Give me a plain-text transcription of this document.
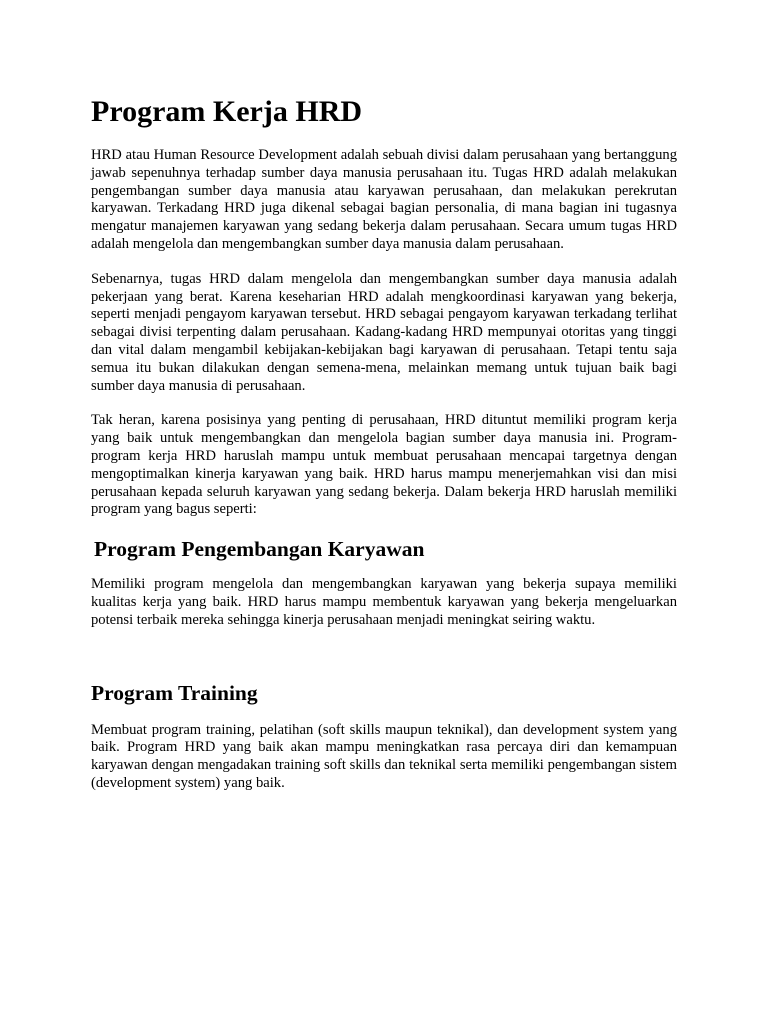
Program Kerja HRD

HRD atau Human Resource Development adalah sebuah divisi dalam perusahaan yang bertanggung jawab sepenuhnya terhadap sumber daya manusia perusahaan itu. Tugas HRD adalah melakukan pengembangan sumber daya manusia atau karyawan perusahaan, dan melakukan perekrutan karyawan. Terkadang HRD juga dikenal sebagai bagian personalia, di mana bagian ini tugasnya mengatur manajemen karyawan yang sedang bekerja dalam perusahaan. Secara umum tugas HRD adalah mengelola dan mengembangkan sumber daya manusia dalam perusahaan.

Sebenarnya, tugas HRD dalam mengelola dan mengembangkan sumber daya manusia adalah pekerjaan yang berat. Karena keseharian HRD adalah mengkoordinasi karyawan yang bekerja, seperti menjadi pengayom karyawan tersebut. HRD sebagai pengayom karyawan terkadang terlihat sebagai divisi terpenting dalam perusahaan. Kadang-kadang HRD mempunyai otoritas yang tinggi dan vital dalam mengambil kebijakan-kebijakan bagi karyawan di perusahaan. Tetapi tentu saja semua itu bukan dilakukan dengan semena-mena, melainkan memang untuk tujuan baik bagi sumber daya manusia di perusahaan.

Tak heran, karena posisinya yang penting di perusahaan, HRD dituntut memiliki program kerja yang baik untuk mengembangkan dan mengelola bagian sumber daya manusia ini. Program-program kerja HRD haruslah mampu untuk membuat perusahaan mencapai targetnya dengan mengoptimalkan kinerja karyawan yang baik. HRD harus mampu menerjemahkan visi dan misi perusahaan kepada seluruh karyawan yang sedang bekerja. Dalam bekerja HRD haruslah memiliki program yang bagus seperti:

Program Pengembangan Karyawan

Memiliki program mengelola dan mengembangkan karyawan yang bekerja supaya memiliki kualitas kerja yang baik. HRD harus mampu membentuk karyawan yang bekerja mengeluarkan potensi terbaik mereka sehingga kinerja perusahaan menjadi meningkat seiring waktu.

Program Training

Membuat program training, pelatihan (soft skills maupun teknikal), dan development system yang baik. Program HRD yang baik akan mampu meningkatkan rasa percaya diri dan kemampuan karyawan dengan mengadakan training soft skills dan teknikal serta memiliki pengembangan sistem (development system) yang baik.
